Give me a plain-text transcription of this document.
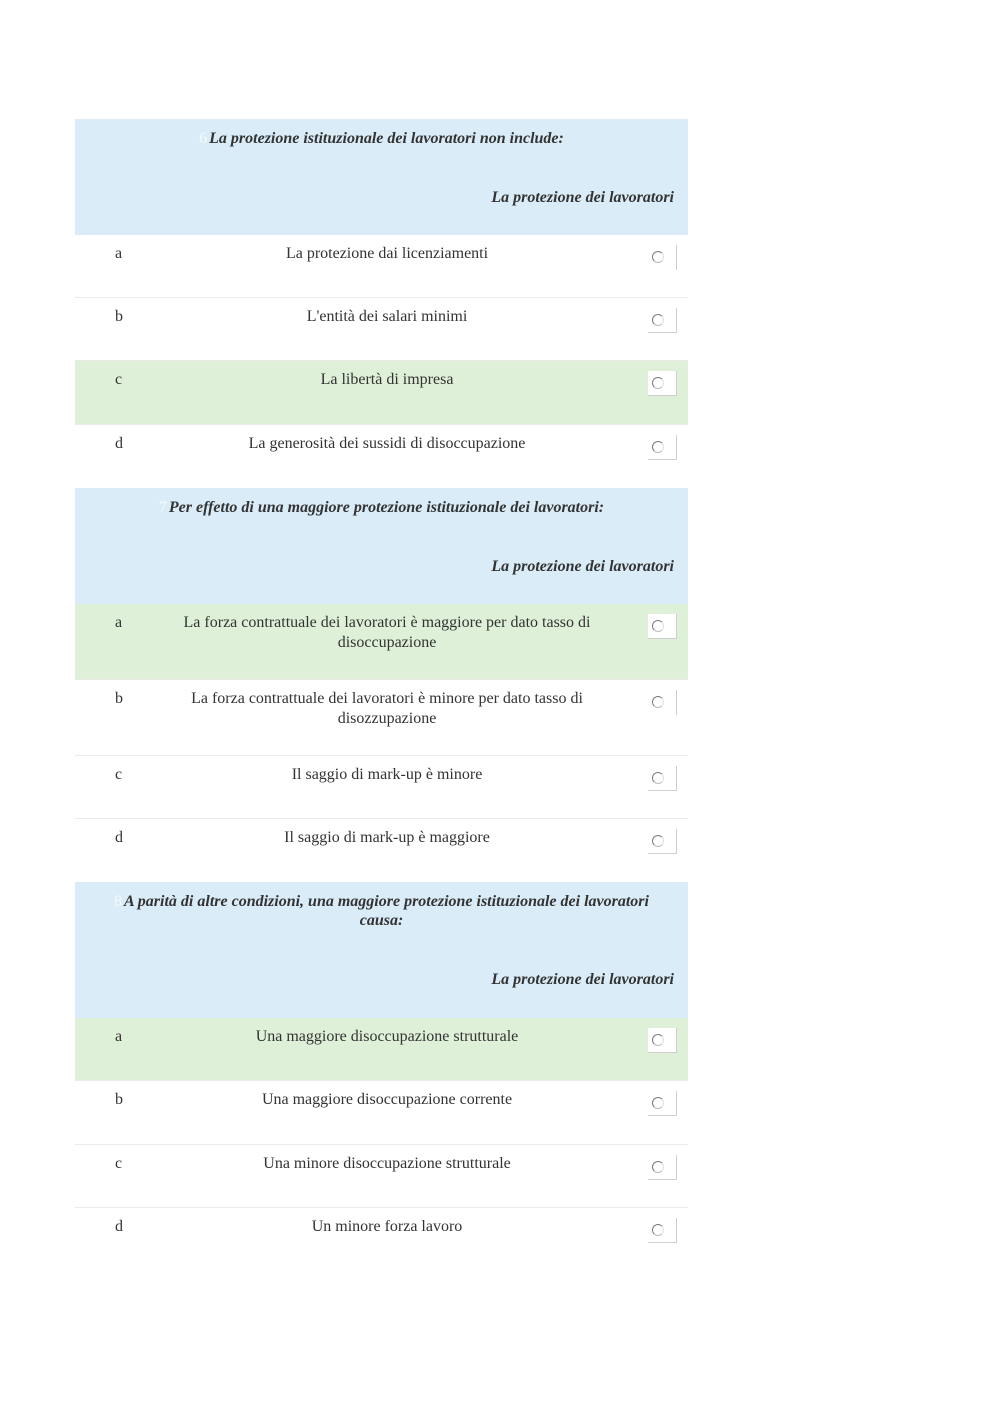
6 La protezione istituzionale dei lavoratori non include:
La protezione dei lavoratori
a	La protezione dai licenziamenti
b	L'entità dei salari minimi
c	La libertà di impresa
d	La generosità dei sussidi di disoccupazione
7 Per effetto di una maggiore protezione istituzionale dei lavoratori:
La protezione dei lavoratori
a	La forza contrattuale dei lavoratori è maggiore per dato tasso di disoccupazione
b	La forza contrattuale dei lavoratori è minore per dato tasso di disozzupazione
c	Il saggio di mark-up è minore
d	Il saggio di mark-up è maggiore
8 A parità di altre condizioni, una maggiore protezione istituzionale dei lavoratori causa:
La protezione dei lavoratori
a	Una maggiore disoccupazione strutturale
b	Una maggiore disoccupazione corrente
c	Una minore disoccupazione strutturale
d	Un minore forza lavoro
